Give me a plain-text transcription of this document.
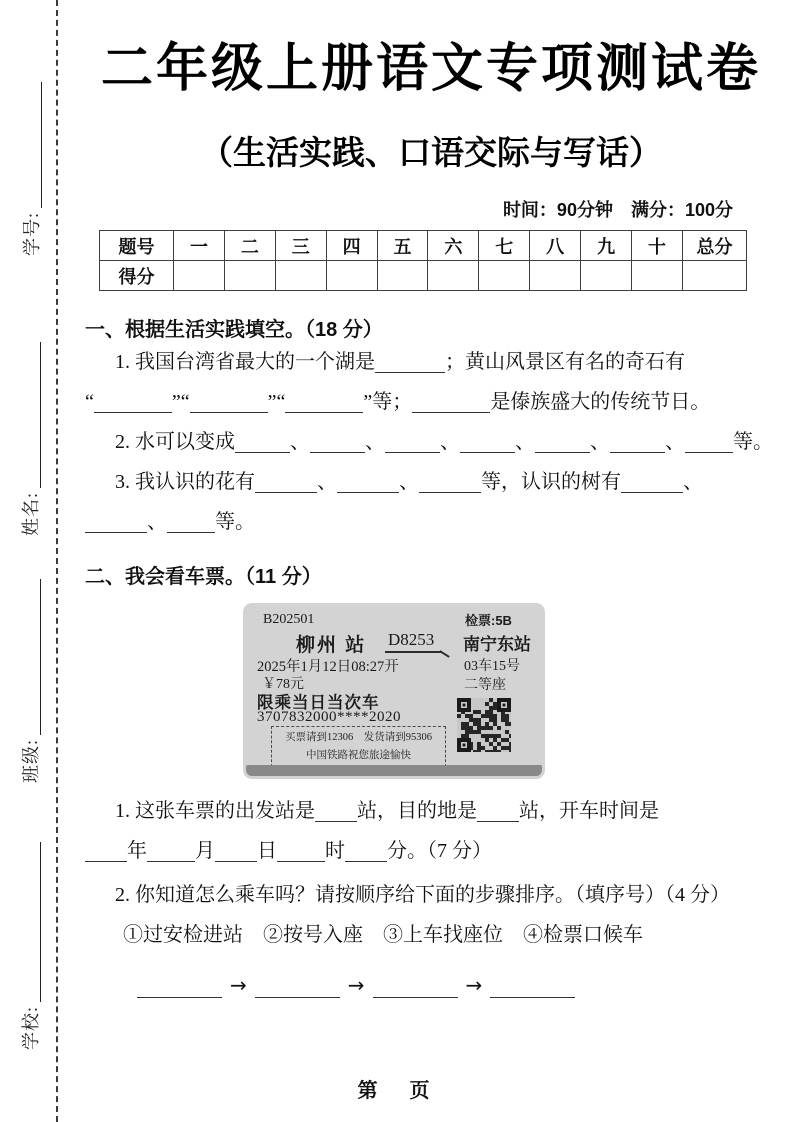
学号:
姓名:
班级:
学校:
二年级上册语文专项测试卷
（生活实践、口语交际与写话）
时间：90分钟　满分：100分
题号	一	二	三	四	五	六	七	八	九	十	总分
得分											
一、根据生活实践填空。（18 分）
1. 我国台湾省最大的一个湖是	；黄山风景区有名的奇石有
“	”“	”“	”等；	是傣族盛大的传统节日。
2. 水可以变成	、	、	、	、	、	、 等。
3. 我认识的花有	、	、	等，认识的树有	、
、 等。
二、我会看车票。（11 分）
B202501	检票:5B
柳州 站 D8253	南宁东站
2025年1月12日08:27开	03车15号
￥78元	二等座
限乘当日当次车
3707832000****2020
买票请到12306　发货请到95306
中国铁路祝您旅途愉快
1. 这张车票的出发站是 站，目的地是 站，开车时间是
年 月 日 时 分。（7 分）
2. 你知道怎么乘车吗？请按顺序给下面的步骤排序。（填序号）（4 分）
①过安检进站　②按号入座　③上车找座位　④检票口候车
→	→	→
第　页
